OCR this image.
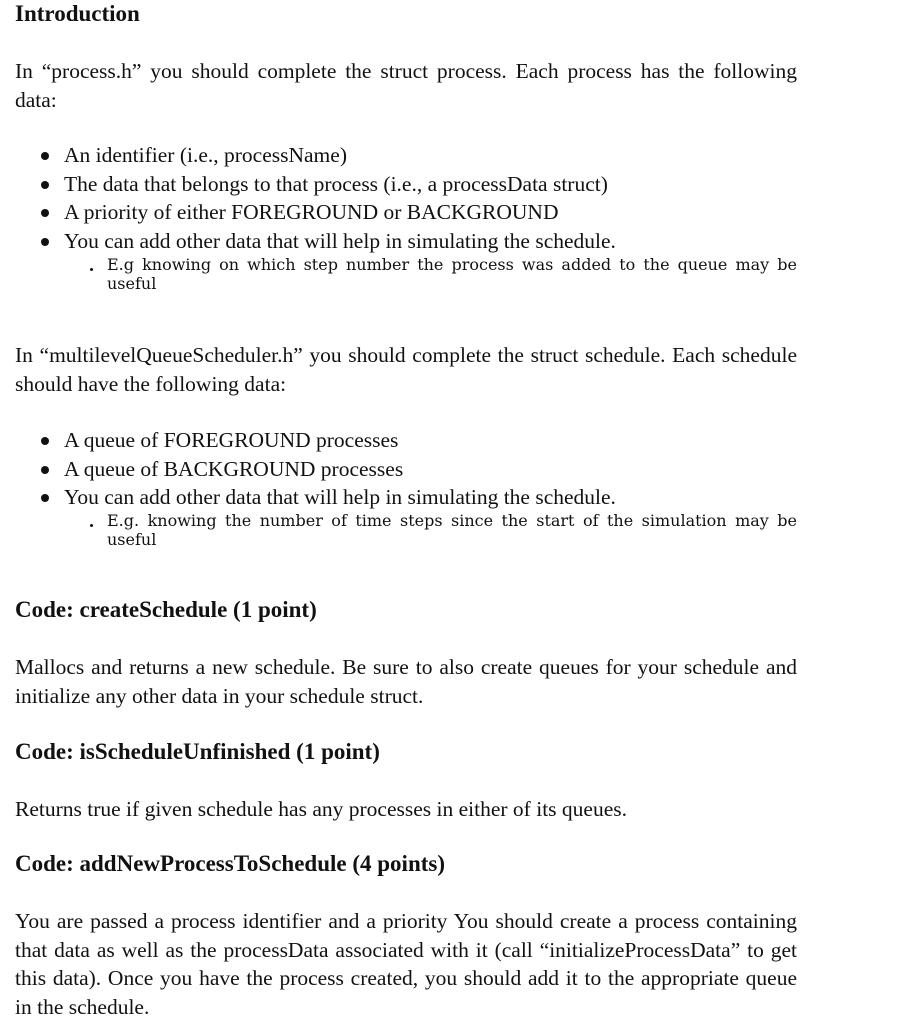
Introduction

In “process.h” you should complete the struct process. Each process has the following data:

An identifier (i.e., processName)
The data that belongs to that process (i.e., a processData struct)
A priority of either FOREGROUND or BACKGROUND
You can add other data that will help in simulating the schedule.
E.g knowing on which step number the process was added to the queue may be useful

In “multilevelQueueScheduler.h” you should complete the struct schedule. Each schedule should have the following data:

A queue of FOREGROUND processes
A queue of BACKGROUND processes
You can add other data that will help in simulating the schedule.
E.g. knowing the number of time steps since the start of the simulation may be useful
Code: createSchedule (1 point)

Mallocs and returns a new schedule. Be sure to also create queues for your schedule and initialize any other data in your schedule struct.

Code: isScheduleUnfinished (1 point)

Returns true if given schedule has any processes in either of its queues.

Code: addNewProcessToSchedule (4 points)

You are passed a process identifier and a priority You should create a process containing that data as well as the processData associated with it (call “initializeProcessData” to get this data). Once you have the process created, you should add it to the appropriate queue in the schedule.
